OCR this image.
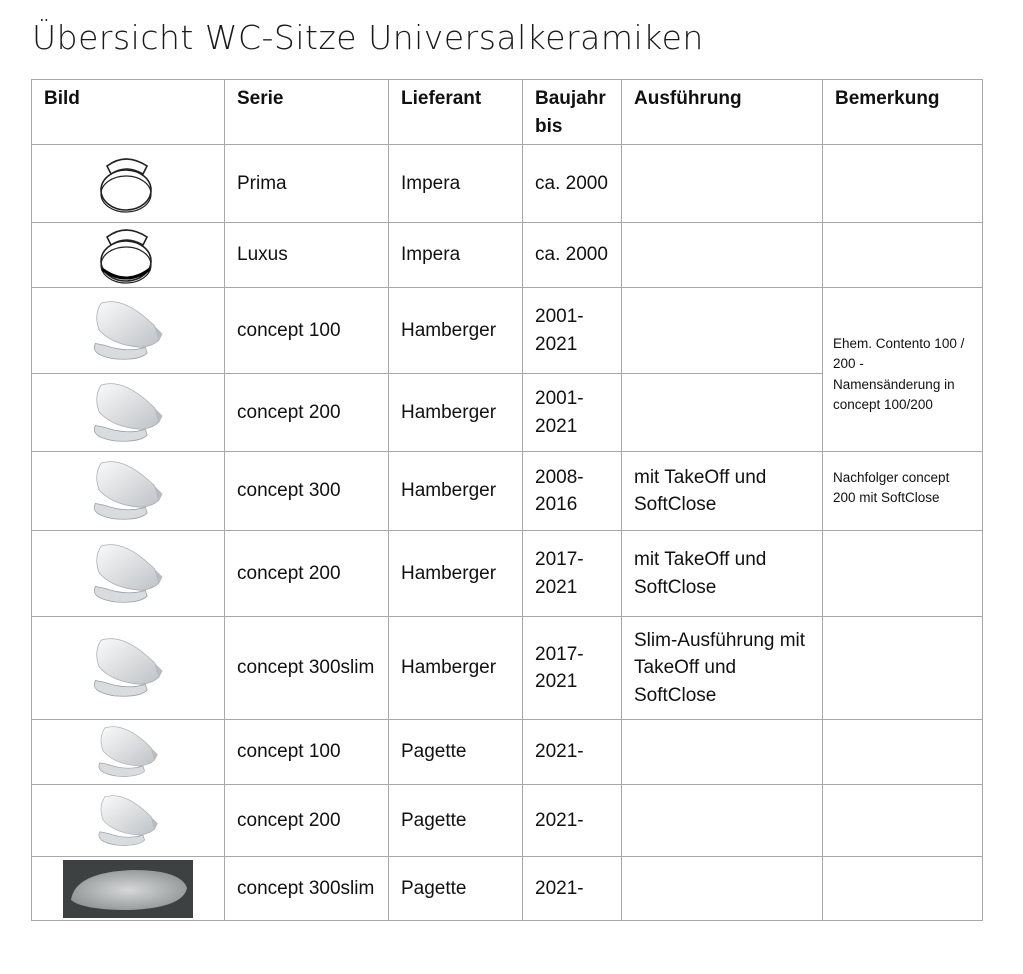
Übersicht WC-Sitze Universalkeramiken
Bild	Serie	Lieferant	Baujahr bis	Ausführung	Bemerkung

	Prima	Impera	ca. 2000		

	Luxus	Impera	ca. 2000		

	concept 100	Hamberger	2001-2021		Ehem. Contento 100 / 200 - Namensänderung in concept 100/200

	concept 200	Hamberger	2001-2021		

	concept 300	Hamberger	2008-2016	mit TakeOff und SoftClose	Nachfolger concept 200 mit SoftClose

	concept 200	Hamberger	2017-2021	mit TakeOff und SoftClose	

	concept 300slim	Hamberger	2017-2021	Slim-Ausführung mit TakeOff und SoftClose	

	concept 100	Pagette	2021-		

	concept 200	Pagette	2021-		

	concept 300slim	Pagette	2021-		
